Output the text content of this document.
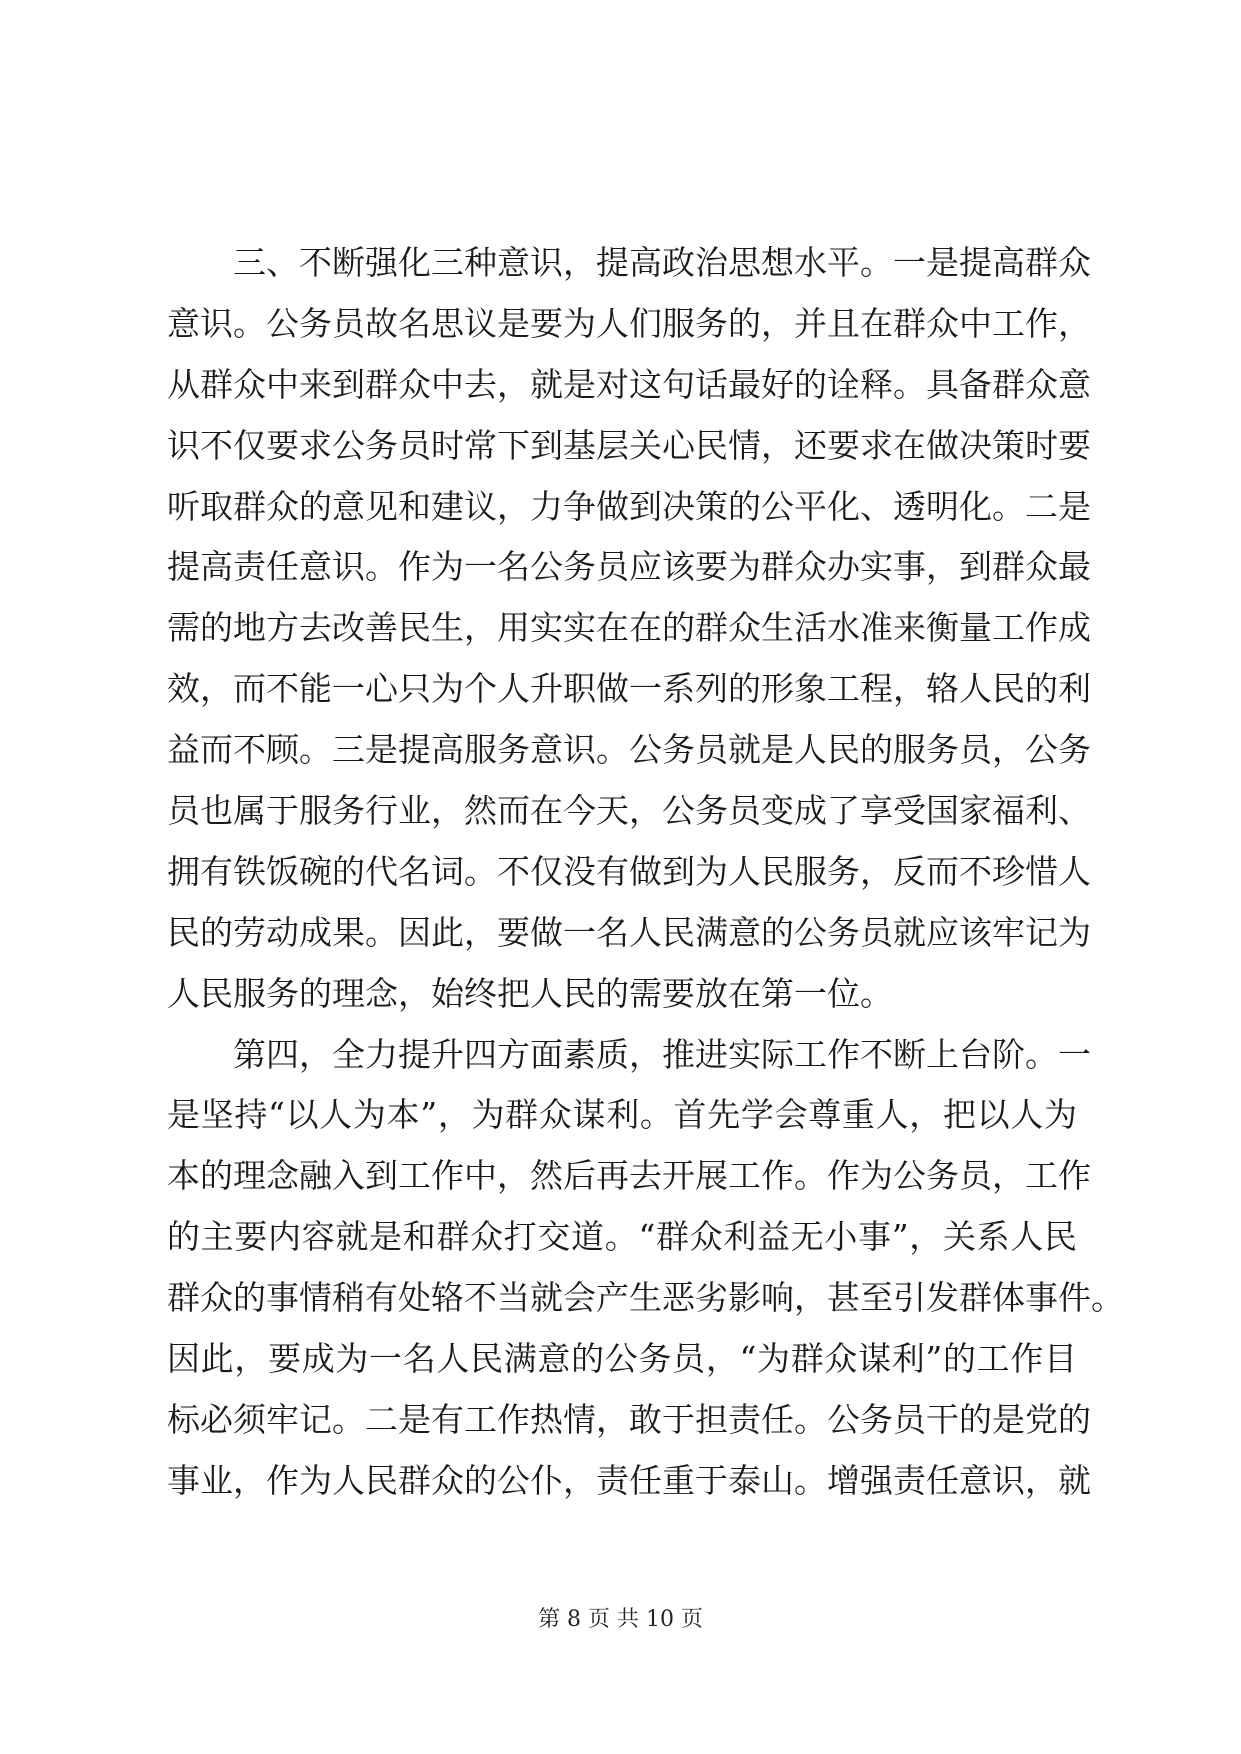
　　三、不断强化三种意识，提高政治思想水平。一是提高群众
意识。公务员故名思议是要为人们服务的，并且在群众中工作，
从群众中来到群众中去，就是对这句话最好的诠释。具备群众意
识不仅要求公务员时常下到基层关心民情，还要求在做决策时要
听取群众的意见和建议，力争做到决策的公平化、透明化。二是
提高责任意识。作为一名公务员应该要为群众办实事，到群众最
需的地方去改善民生，用实实在在的群众生活水准来衡量工作成
效，而不能一心只为个人升职做一系列的形象工程，辂人民的利
益而不顾。三是提高服务意识。公务员就是人民的服务员，公务
员也属于服务行业，然而在今天，公务员变成了享受国家福利、
拥有铁饭碗的代名词。不仅没有做到为人民服务，反而不珍惜人
民的劳动成果。因此，要做一名人民满意的公务员就应该牢记为
人民服务的理念，始终把人民的需要放在第一位。
　　第四，全力提升四方面素质，推进实际工作不断上台阶。一
是坚持“以人为本”，为群众谋利。首先学会尊重人，把以人为
本的理念融入到工作中，然后再去开展工作。作为公务员，工作
的主要内容就是和群众打交道。“群众利益无小事”，关系人民
群众的事情稍有处辂不当就会产生恶劣影响，甚至引发群体事件。
因此，要成为一名人民满意的公务员，“为群众谋利”的工作目
标必须牢记。二是有工作热情，敢于担责任。公务员干的是党的
事业，作为人民群众的公仆，责任重于泰山。增强责任意识，就
第 8 页 共 10 页
